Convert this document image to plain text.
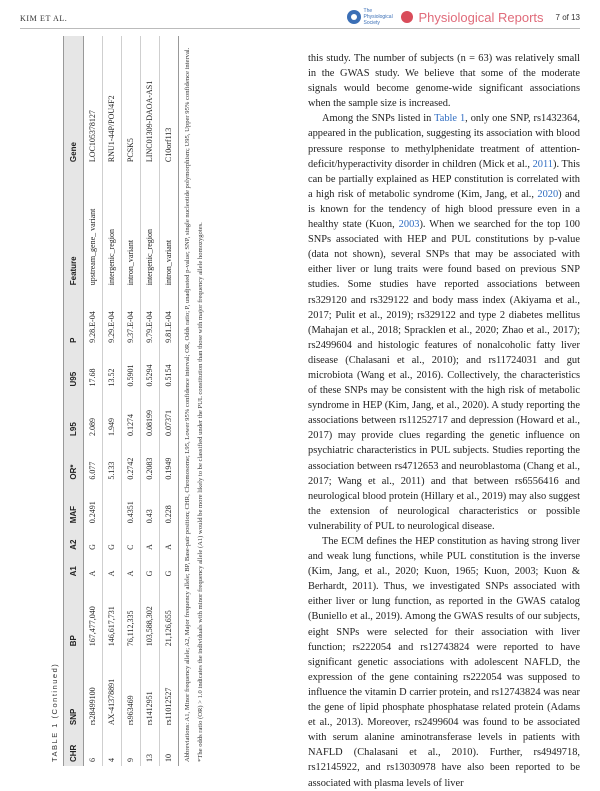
KIM ET AL.
The Physiological Society	Physiological Reports 7 of 13
TABLE 1 (Continued)
CHR	SNP	BP	A1	A2	MAF	OR*	L95	U95	P	Feature	Gene
6	rs28499100	167,477,040	A	G	0.2491	6.077	2.089	17.68	9.28.E-04	upstream_gene_ variant	LOC105378127
4	AX-41378891	146,617,731	A	G		5.133	1.949	13.52	9.29.E-04	intergenic_region	RNU1-44P/POU4F2
9	rs963469	76,112,335	A	C	0.4351	0.2742	0.1274	0.5901	9.37.E-04	intron_variant	PCSK5
13	rs1412951	103,588,302	G	A	0.43	0.2083	0.08199	0.5294	9.79.E-04	intergenic_region	LINC01309-DAOA-AS1
10	rs11012527	21,126,655	G	A	0.228	0.1949	0.07371	0.5154	9.81.E-04	intron_variant	C10orf113 Abbreviations: A1, Minor frequency allele; A2, Major frequency allele; BP, Base-pair position; CHR, Chromosome; L95, Lower 95% confidence interval; OR, Odds ratio; P, unadjusted p-value; SNP, single nucleotide polymorphism; U95, Upper 95% confidence interval. *The odds ratio (OR) > 1.0 indicates the individuals with minor frequency allele (A1) would be more likely to be classified under the PUL constitution than those with major frequency allele homozygotes.

this study. The number of subjects (n = 63) was relatively small in the GWAS study. We believe that some of the moderate signals would become genome-wide significant associations when the sample size is increased.

Among the SNPs listed in Table 1, only one SNP, rs1432364, appeared in the publication, suggesting its association with blood pressure response to methylphenidate treatment of attention-deficit/hyperactivity disorder in children (Mick et al., 2011). This can be partially explained as HEP constitution is correlated with a high risk of metabolic syndrome (Kim, Jang, et al., 2020) and is known for the tendency of high blood pressure even in a healthy state (Kuon, 2003). When we searched for the top 100 SNPs associated with HEP and PUL constitutions by p-value (data not shown), several SNPs that may be associated with either liver or lung traits were found based on previous SNP studies. Some studies have reported associations between rs329120 and rs329122 and body mass index (Akiyama et al., 2017; Pulit et al., 2019); rs329122 and type 2 diabetes mellitus (Mahajan et al., 2018; Spracklen et al., 2020; Zhao et al., 2017); rs2499604 and histologic features of nonalcoholic fatty liver disease (Chalasani et al., 2010); and rs11724031 and gut microbiota (Wang et al., 2016). Collectively, the characteristics of these SNPs may be consistent with the high risk of metabolic syndrome in HEP (Kim, Jang, et al., 2020). A study reporting the associations between rs11252717 and depression (Howard et al., 2017) may provide clues regarding the genetic influence on psychiatric characteristics in PUL subjects. Studies reporting the association between rs4712653 and neuroblastoma (Chang et al., 2017; Wang et al., 2011) and that between rs6556416 and neurological blood protein (Hillary et al., 2019) may also suggest the extension of neurological characteristics or possible vulnerability of PUL to neurological disease.

The ECM defines the HEP constitution as having strong liver and weak lung functions, while PUL constitution is the inverse (Kim, Jang, et al., 2020; Kuon, 1965; Kuon, 2003; Kuon & Berhardt, 2011). Thus, we investigated SNPs associated with either liver or lung function, as reported in the GWAS catalog (Buniello et al., 2019). Among the GWAS results of our subjects, eight SNPs were selected for their association with liver function; rs222054 and rs12743824 were reported to have significant genetic associations with adolescent NAFLD, the expression of the gene containing rs222054 was supposed to influence the vitamin D carrier protein, and rs12743824 was near the gene of lipid phosphate phosphatase related protein (Adams et al., 2013). Moreover, rs2499604 was found to be associated with serum alanine aminotransferase levels in patients with NAFLD (Chalasani et al., 2010). Further, rs4949718, rs12145922, and rs13030978 have also been reported to be associated with plasma levels of liver
